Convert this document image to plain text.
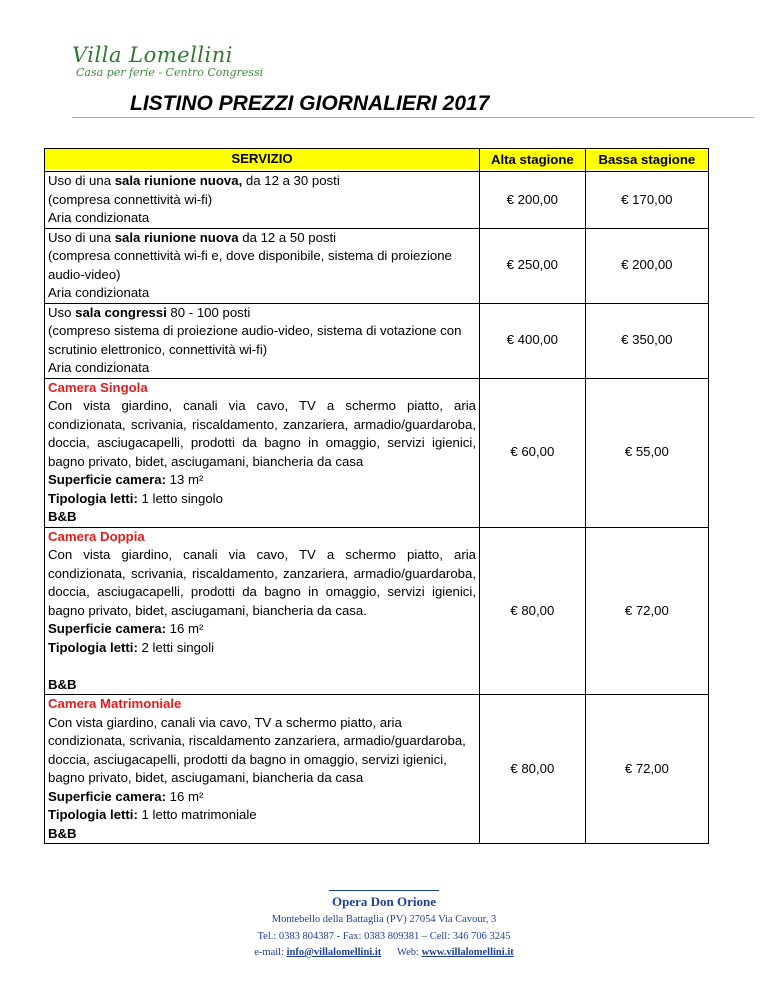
Villa Lomellini
Casa per ferie - Centro Congressi
LISTINO PREZZI GIORNALIERI 2017
SERVIZIO	Alta stagione	Bassa stagione

Uso di una sala riunione nuova, da 12 a 30 posti
(compresa connettività wi-fi)
Aria condizionata	€ 200,00	€ 170,00

Uso di una sala riunione nuova da 12 a 50 posti
(compresa connettività wi-fi e, dove disponibile, sistema di proiezione audio-video)
Aria condizionata	€ 250,00	€ 200,00

Uso sala congressi 80 - 100 posti
(compreso sistema di proiezione audio-video, sistema di votazione con scrutinio elettronico, connettività wi-fi)
Aria condizionata	€ 400,00	€ 350,00

Camera Singola
Con vista giardino, canali via cavo, TV a schermo piatto, aria condizionata, scrivania, riscaldamento, zanzariera, armadio/guardaroba, doccia, asciugacapelli, prodotti da bagno in omaggio, servizi igienici, bagno privato, bidet, asciugamani, biancheria da casa
Superficie camera: 13 m²
Tipologia letti: 1 letto singolo
B&B	€ 60,00	€ 55,00

Camera Doppia
Con vista giardino, canali via cavo, TV a schermo piatto, aria condizionata, scrivania, riscaldamento, zanzariera, armadio/guardaroba, doccia, asciugacapelli, prodotti da bagno in omaggio, servizi igienici, bagno privato, bidet, asciugamani, biancheria da casa.
Superficie camera: 16 m²
Tipologia letti: 2 letti singoli
B&B	€ 80,00	€ 72,00

Camera Matrimoniale
Con vista giardino, canali via cavo, TV a schermo piatto, aria condizionata, scrivania, riscaldamento zanzariera, armadio/guardaroba, doccia, asciugacapelli, prodotti da bagno in omaggio, servizi igienici, bagno privato, bidet, asciugamani, biancheria da casa
Superficie camera: 16 m²
Tipologia letti: 1 letto matrimoniale
B&B	€ 80,00	€ 72,00
Opera Don Orione
Montebello della Battaglia (PV) 27054 Via Cavour, 3
Tel.: 0383 804387 - Fax: 0383 809381 – Cell: 346 706 3245
e-mail: info@villalomellini.it Web: www.villalomellini.it
